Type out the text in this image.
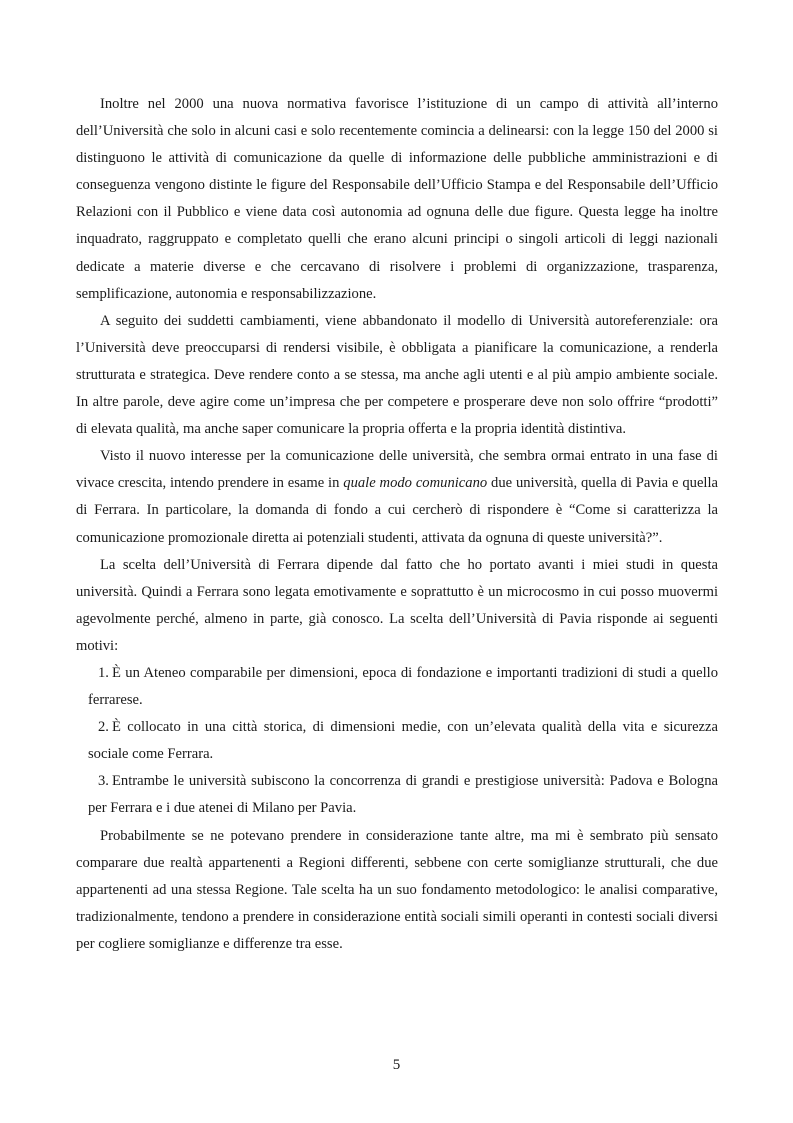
Inoltre nel 2000 una nuova normativa favorisce l’istituzione di un campo di attività all’interno dell’Università che solo in alcuni casi e solo recentemente comincia a delinearsi: con la legge 150 del 2000 si distinguono le attività di comunicazione da quelle di informazione delle pubbliche amministrazioni e di conseguenza vengono distinte le figure del Responsabile dell’Ufficio Stampa e del Responsabile dell’Ufficio Relazioni con il Pubblico e viene data così autonomia ad ognuna delle due figure. Questa legge ha inoltre inquadrato, raggruppato e completato quelli che erano alcuni principi o singoli articoli di leggi nazionali dedicate a materie diverse e che cercavano di risolvere i problemi di organizzazione, trasparenza, semplificazione, autonomia e responsabilizzazione.

A seguito dei suddetti cambiamenti, viene abbandonato il modello di Università autoreferenziale: ora l’Università deve preoccuparsi di rendersi visibile, è obbligata a pianificare la comunicazione, a renderla strutturata e strategica. Deve rendere conto a se stessa, ma anche agli utenti e al più ampio ambiente sociale. In altre parole, deve agire come un’impresa che per competere e prosperare deve non solo offrire “prodotti” di elevata qualità, ma anche saper comunicare la propria offerta e la propria identità distintiva.

Visto il nuovo interesse per la comunicazione delle università, che sembra ormai entrato in una fase di vivace crescita, intendo prendere in esame in quale modo comunicano due università, quella di Pavia e quella di Ferrara. In particolare, la domanda di fondo a cui cercherò di rispondere è “Come si caratterizza la comunicazione promozionale diretta ai potenziali studenti, attivata da ognuna di queste università?”.

La scelta dell’Università di Ferrara dipende dal fatto che ho portato avanti i miei studi in questa università. Quindi a Ferrara sono legata emotivamente e soprattutto è un microcosmo in cui posso muovermi agevolmente perché, almeno in parte, già conosco. La scelta dell’Università di Pavia risponde ai seguenti motivi:

1. È un Ateneo comparabile per dimensioni, epoca di fondazione e importanti tradizioni di studi a quello ferrarese.
2. È collocato in una città storica, di dimensioni medie, con un’elevata qualità della vita e sicurezza sociale come Ferrara.
3. Entrambe le università subiscono la concorrenza di grandi e prestigiose università: Padova e Bologna per Ferrara e i due atenei di Milano per Pavia.

Probabilmente se ne potevano prendere in considerazione tante altre, ma mi è sembrato più sensato comparare due realtà appartenenti a Regioni differenti, sebbene con certe somiglianze strutturali, che due appartenenti ad una stessa Regione. Tale scelta ha un suo fondamento metodologico: le analisi comparative, tradizionalmente, tendono a prendere in considerazione entità sociali simili operanti in contesti sociali diversi per cogliere somiglianze e differenze tra esse.

5
